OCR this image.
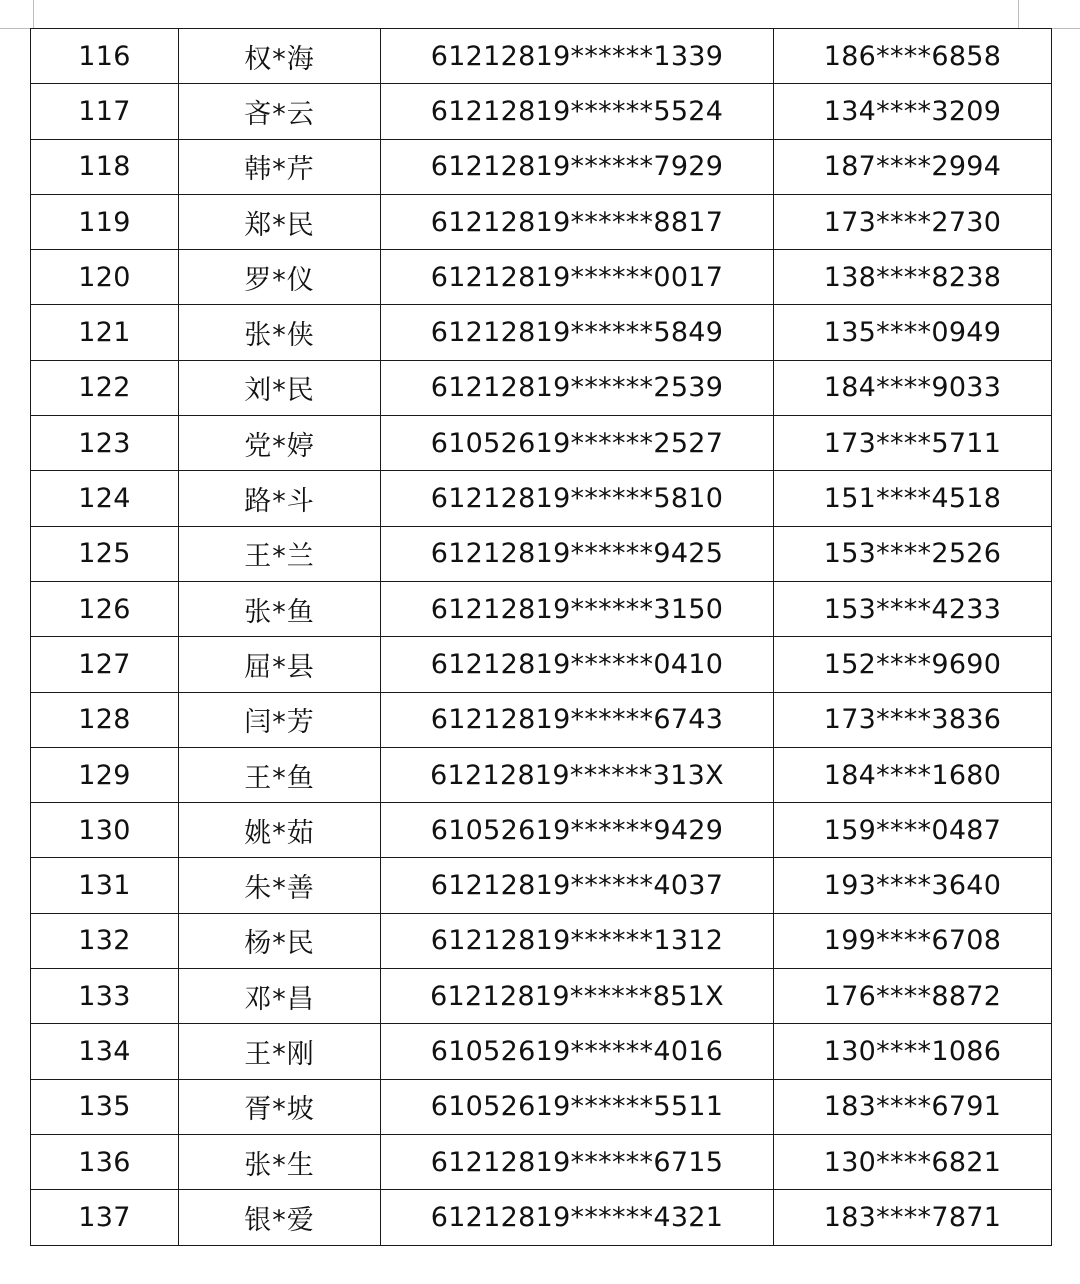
116	权*海	61212819******1339	186****6858
117	吝*云	61212819******5524	134****3209
118	韩*芹	61212819******7929	187****2994
119	郑*民	61212819******8817	173****2730
120	罗*仪	61212819******0017	138****8238
121	张*侠	61212819******5849	135****0949
122	刘*民	61212819******2539	184****9033
123	党*婷	61052619******2527	173****5711
124	路*斗	61212819******5810	151****4518
125	王*兰	61212819******9425	153****2526
126	张*鱼	61212819******3150	153****4233
127	屈*县	61212819******0410	152****9690
128	闫*芳	61212819******6743	173****3836
129	王*鱼	61212819******313X	184****1680
130	姚*茹	61052619******9429	159****0487
131	朱*善	61212819******4037	193****3640
132	杨*民	61212819******1312	199****6708
133	邓*昌	61212819******851X	176****8872
134	王*刚	61052619******4016	130****1086
135	胥*坡	61052619******5511	183****6791
136	张*生	61212819******6715	130****6821
137	银*爱	61212819******4321	183****7871
